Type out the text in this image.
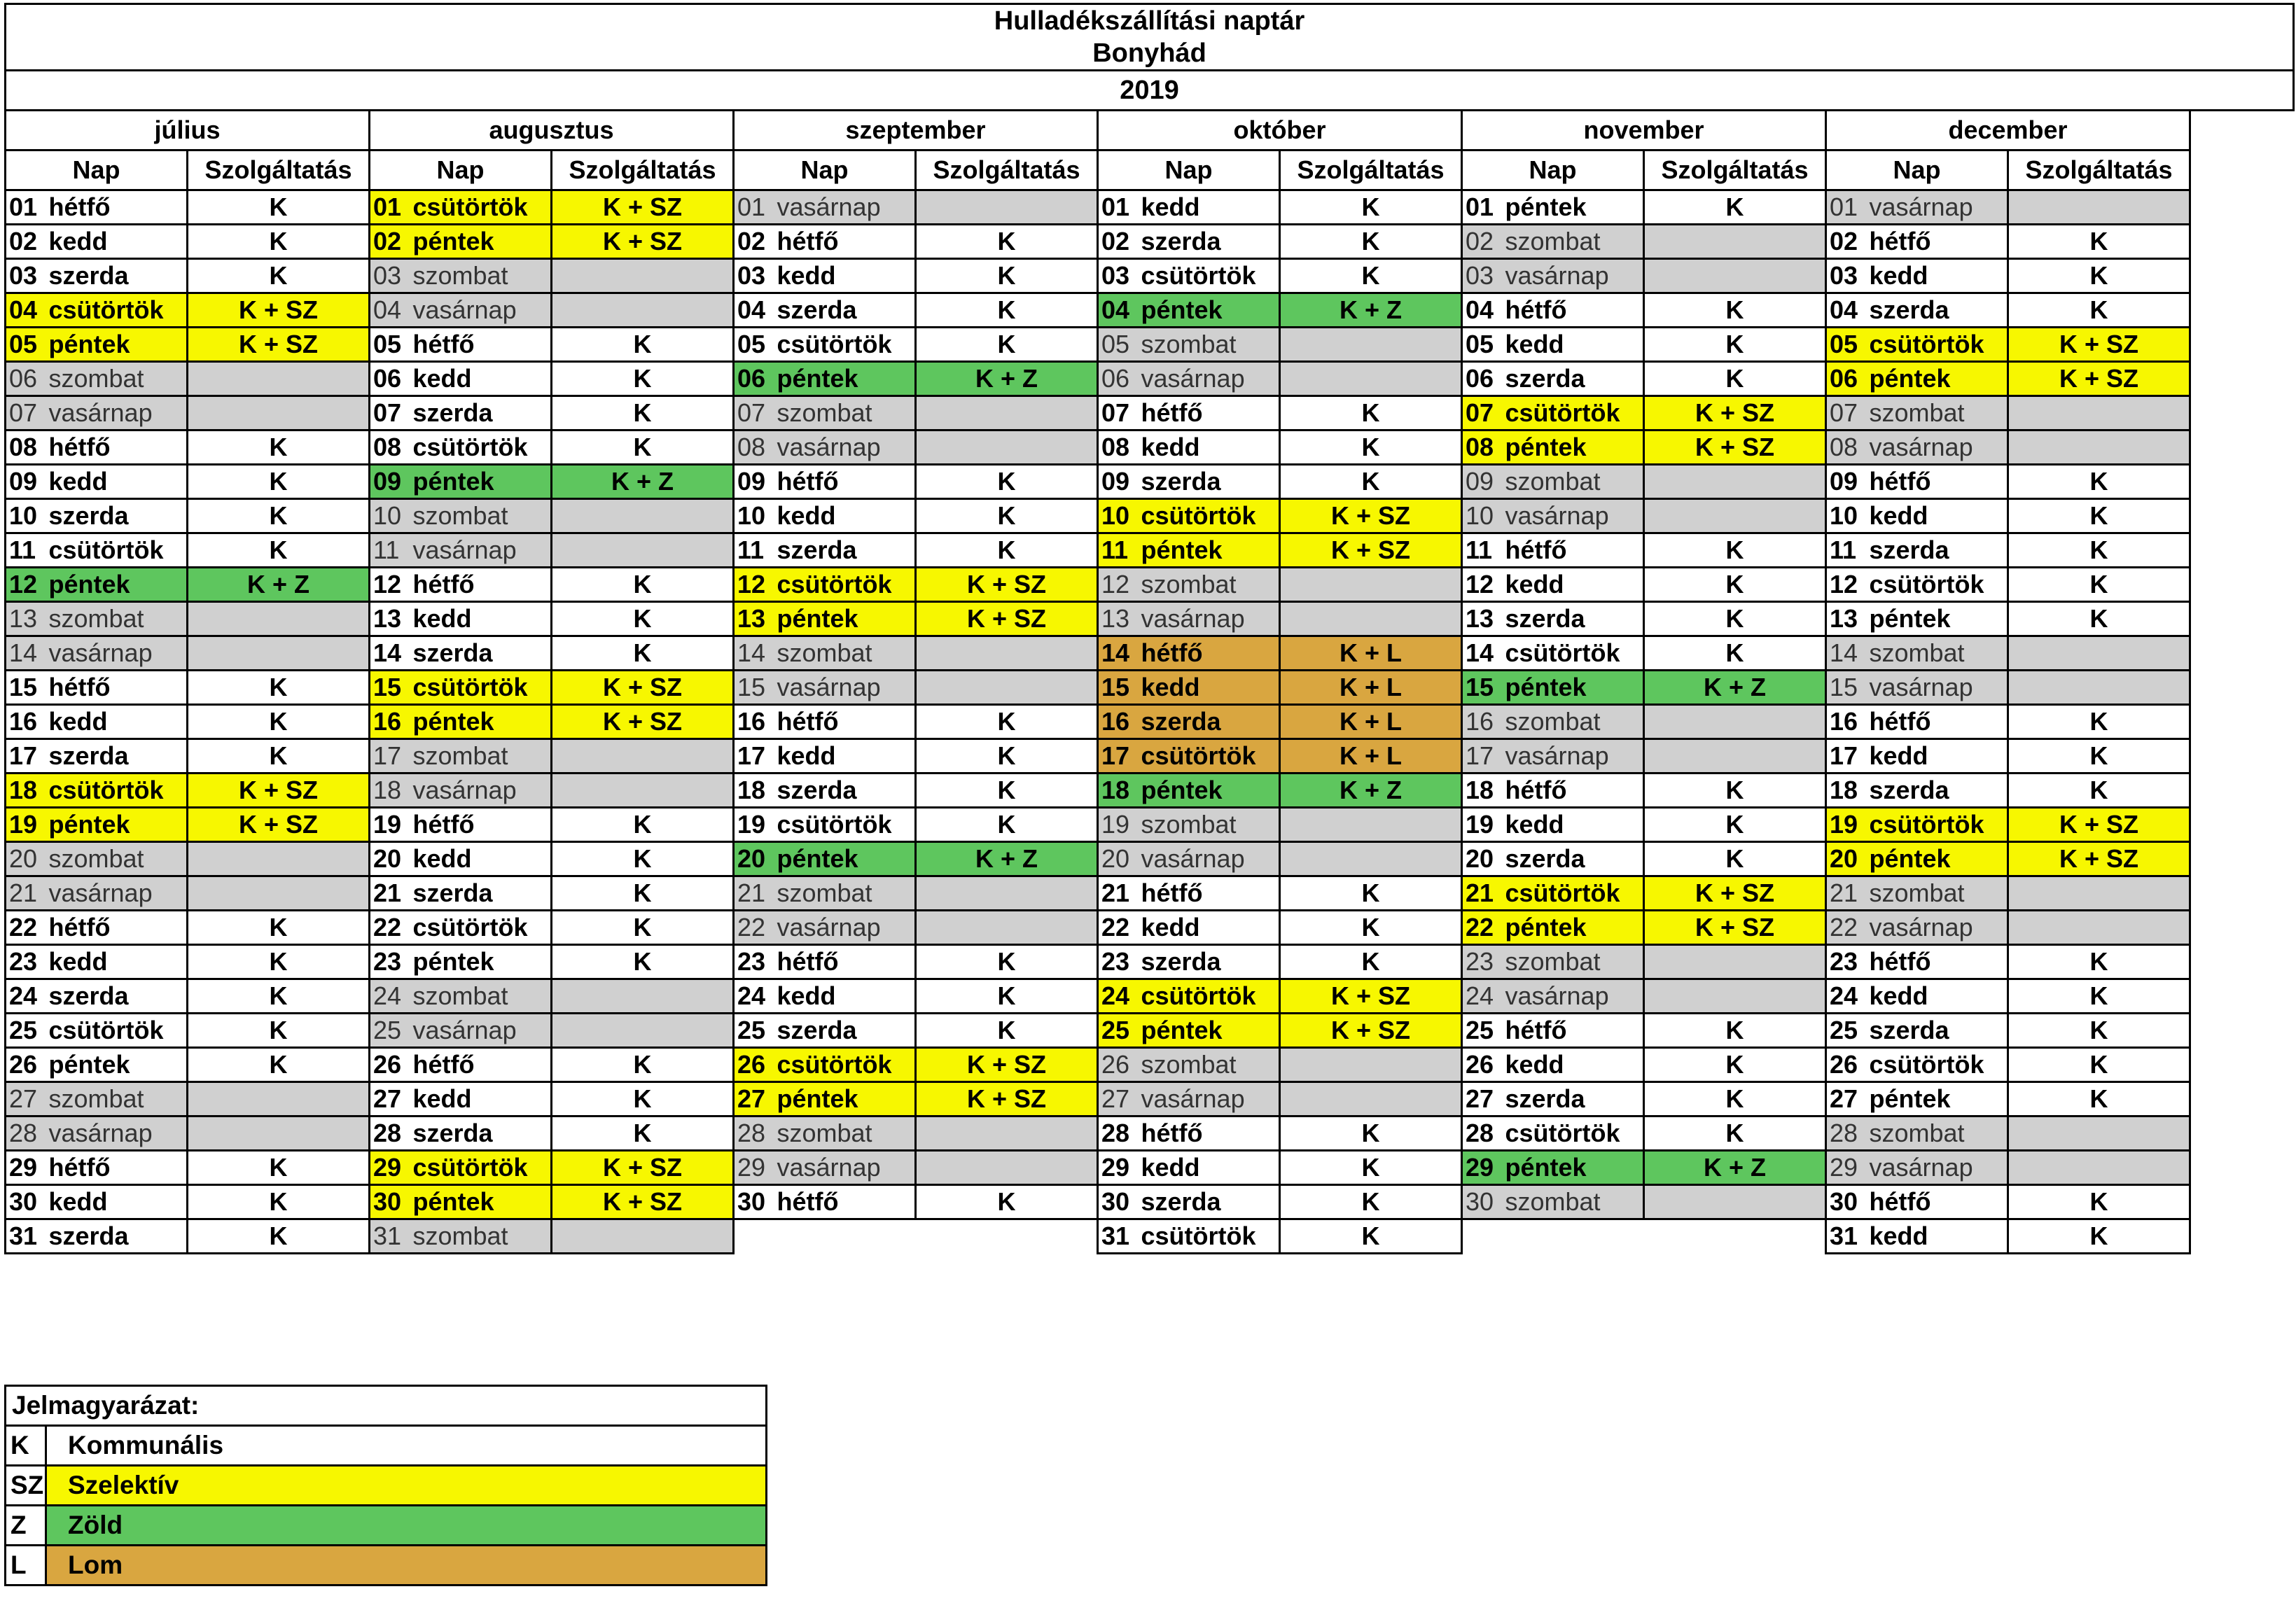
Hulladékszállítási naptár																	
Bonyhád																	
2019																	
július			augusztus			szeptember			október			november			december		
Nap		Szolgáltatás	Nap		Szolgáltatás	Nap		Szolgáltatás	Nap		Szolgáltatás	Nap		Szolgáltatás	Nap		Szolgáltatás
01	hétfő	K	01	csütörtök	K + SZ	01	vasárnap		01	kedd	K	01	péntek	K	01	vasárnap	
02	kedd	K	02	péntek	K + SZ	02	hétfő	K	02	szerda	K	02	szombat		02	hétfő	K
03	szerda	K	03	szombat		03	kedd	K	03	csütörtök	K	03	vasárnap		03	kedd	K
04	csütörtök	K + SZ	04	vasárnap		04	szerda	K	04	péntek	K + Z	04	hétfő	K	04	szerda	K
05	péntek	K + SZ	05	hétfő	K	05	csütörtök	K	05	szombat		05	kedd	K	05	csütörtök	K + SZ
06	szombat		06	kedd	K	06	péntek	K + Z	06	vasárnap		06	szerda	K	06	péntek	K + SZ
07	vasárnap		07	szerda	K	07	szombat		07	hétfő	K	07	csütörtök	K + SZ	07	szombat	
08	hétfő	K	08	csütörtök	K	08	vasárnap		08	kedd	K	08	péntek	K + SZ	08	vasárnap	
09	kedd	K	09	péntek	K + Z	09	hétfő	K	09	szerda	K	09	szombat		09	hétfő	K
10	szerda	K	10	szombat		10	kedd	K	10	csütörtök	K + SZ	10	vasárnap		10	kedd	K
11	csütörtök	K	11	vasárnap		11	szerda	K	11	péntek	K + SZ	11	hétfő	K	11	szerda	K
12	péntek	K + Z	12	hétfő	K	12	csütörtök	K + SZ	12	szombat		12	kedd	K	12	csütörtök	K
13	szombat		13	kedd	K	13	péntek	K + SZ	13	vasárnap		13	szerda	K	13	péntek	K
14	vasárnap		14	szerda	K	14	szombat		14	hétfő	K + L	14	csütörtök	K	14	szombat	
15	hétfő	K	15	csütörtök	K + SZ	15	vasárnap		15	kedd	K + L	15	péntek	K + Z	15	vasárnap	
16	kedd	K	16	péntek	K + SZ	16	hétfő	K	16	szerda	K + L	16	szombat		16	hétfő	K
17	szerda	K	17	szombat		17	kedd	K	17	csütörtök	K + L	17	vasárnap		17	kedd	K
18	csütörtök	K + SZ	18	vasárnap		18	szerda	K	18	péntek	K + Z	18	hétfő	K	18	szerda	K
19	péntek	K + SZ	19	hétfő	K	19	csütörtök	K	19	szombat		19	kedd	K	19	csütörtök	K + SZ
20	szombat		20	kedd	K	20	péntek	K + Z	20	vasárnap		20	szerda	K	20	péntek	K + SZ
21	vasárnap		21	szerda	K	21	szombat		21	hétfő	K	21	csütörtök	K + SZ	21	szombat	
22	hétfő	K	22	csütörtök	K	22	vasárnap		22	kedd	K	22	péntek	K + SZ	22	vasárnap	
23	kedd	K	23	péntek	K	23	hétfő	K	23	szerda	K	23	szombat		23	hétfő	K
24	szerda	K	24	szombat		24	kedd	K	24	csütörtök	K + SZ	24	vasárnap		24	kedd	K
25	csütörtök	K	25	vasárnap		25	szerda	K	25	péntek	K + SZ	25	hétfő	K	25	szerda	K
26	péntek	K	26	hétfő	K	26	csütörtök	K + SZ	26	szombat		26	kedd	K	26	csütörtök	K
27	szombat		27	kedd	K	27	péntek	K + SZ	27	vasárnap		27	szerda	K	27	péntek	K
28	vasárnap		28	szerda	K	28	szombat		28	hétfő	K	28	csütörtök	K	28	szombat	
29	hétfő	K	29	csütörtök	K + SZ	29	vasárnap		29	kedd	K	29	péntek	K + Z	29	vasárnap	
30	kedd	K	30	péntek	K + SZ	30	hétfő	K	30	szerda	K	30	szombat		30	hétfő	K
31	szerda	K	31	szombat					31	csütörtök	K				31	kedd	K
Jelmagyarázat:	
K	Kommunális
SZ	Szelektív
Z	Zöld
L	Lom
